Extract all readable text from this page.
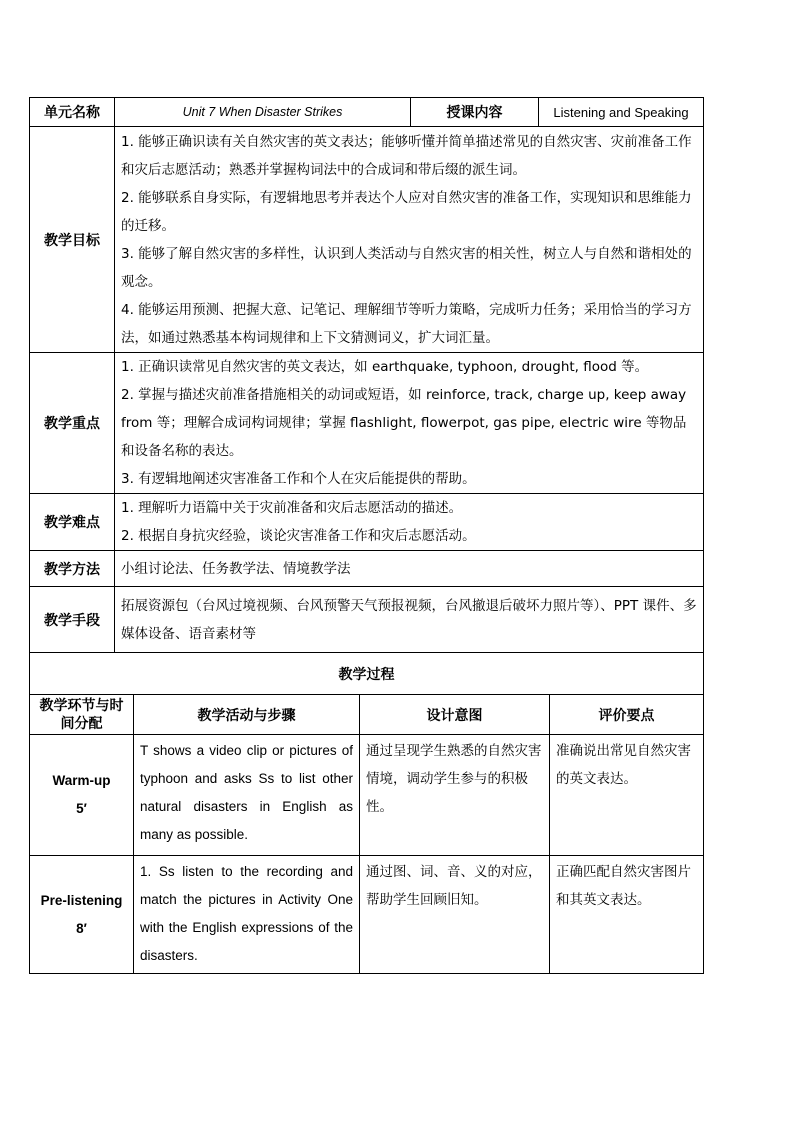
单元名称	Unit 7 When Disaster Strikes	授课内容	Listening and Speaking
教学目标	1. 能够正确识读有关自然灾害的英文表达；能够听懂并简单描述常见的自然灾害、灾前准备工作和灾后志愿活动；熟悉并掌握构词法中的合成词和带后缀的派生词。
2. 能够联系自身实际，有逻辑地思考并表达个人应对自然灾害的准备工作，实现知识和思维能力的迁移。
3. 能够了解自然灾害的多样性，认识到人类活动与自然灾害的相关性，树立人与自然和谐相处的观念。
4. 能够运用预测、把握大意、记笔记、理解细节等听力策略，完成听力任务；采用恰当的学习方法，如通过熟悉基本构词规律和上下文猜测词义，扩大词汇量。		

教学重点	1. 正确识读常见自然灾害的英文表达，如 earthquake, typhoon, drought, flood 等。
2. 掌握与描述灾前准备措施相关的动词或短语，如 reinforce, track, charge up, keep away from 等；理解合成词构词规律；掌握 flashlight, flowerpot, gas pipe, electric wire 等物品和设备名称的表达。
3. 有逻辑地阐述灾害准备工作和个人在灾后能提供的帮助。		

教学难点	1. 理解听力语篇中关于灾前准备和灾后志愿活动的描述。
2. 根据自身抗灾经验，谈论灾害准备工作和灾后志愿活动。		

教学方法	小组讨论法、任务教学法、情境教学法		
教学手段	拓展资源包（台风过境视频、台风预警天气预报视频，台风撤退后破坏力照片等）、PPT 课件、多媒体设备、语音素材等		
教学过程			
教学环节与时间分配	教学活动与步骤	设计意图	评价要点

Warm-up
5′	T shows a video clip or pictures of typhoon and asks Ss to list other natural disasters in English as many as possible.	通过呈现学生熟悉的自然灾害情境，调动学生参与的积极性。	准确说出常见自然灾害的英文表达。

Pre-listening
8′	1. Ss listen to the recording and match the pictures in Activity One with the English expressions of the disasters.	通过图、词、音、义的对应，帮助学生回顾旧知。	正确匹配自然灾害图片和其英文表达。
